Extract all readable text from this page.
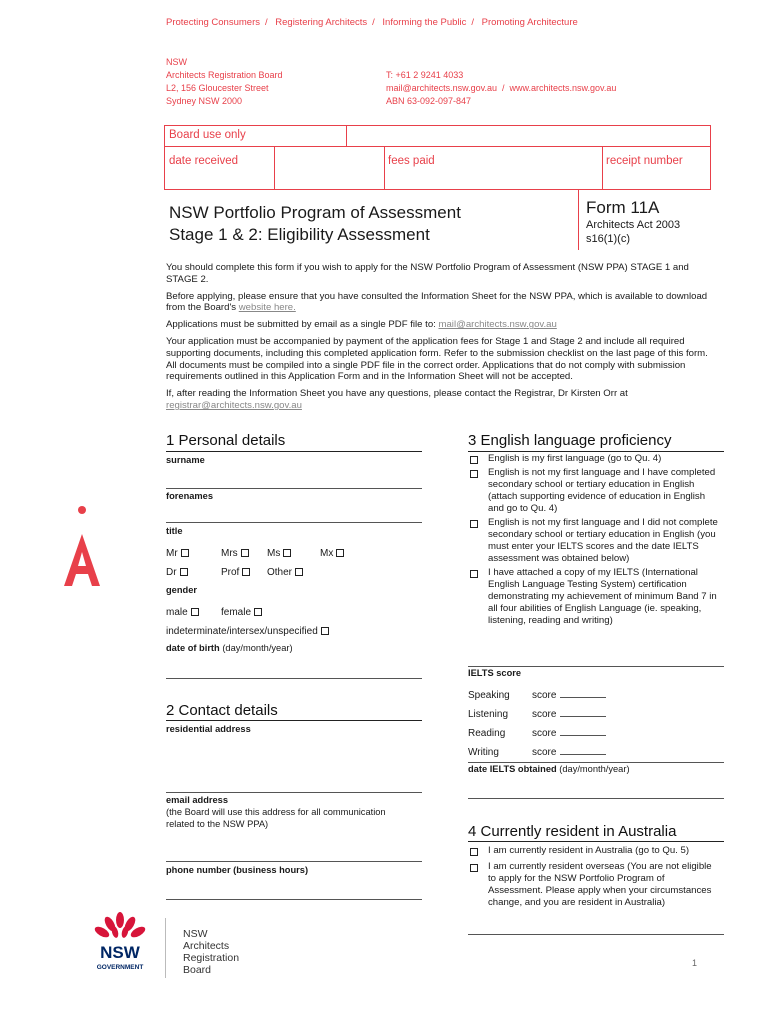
Protecting Consumers / Registering Architects / Informing the Public / Promoting Architecture
NSW
Architects Registration Board
L2, 156 Gloucester Street
Sydney NSW 2000
T: +61 2 9241 4033
mail@architects.nsw.gov.au  /  www.architects.nsw.gov.au
ABN 63-092-097-847
Board use only
date received	fees paid	receipt number
NSW Portfolio Program of Assessment
Stage 1 & 2: Eligibility Assessment
Form 11A
Architects Act 2003
s16(1)(c)

You should complete this form if you wish to apply for the NSW Portfolio Program of Assessment (NSW PPA) STAGE 1 and STAGE 2.

Before applying, please ensure that you have consulted the Information Sheet for the NSW PPA, which is available to download from the Board's website here.

Applications must be submitted by email as a single PDF file to: mail@architects.nsw.gov.au

Your application must be accompanied by payment of the application fees for Stage 1 and Stage 2 and include all required supporting documents, including this completed application form. Refer to the submission checklist on the last page of this form. All documents must be compiled into a single PDF file in the correct order. Applications that do not comply with submission requirements outlined in this Application Form and in the Information Sheet will not be accepted.

If, after reading the Information Sheet you have any questions, please contact the Registrar, Dr Kirsten Orr at registrar@architects.nsw.gov.au

1 Personal details
surname
forenames
title
Mr	Mrs	Ms	Mx
Dr	Prof	Other
gender
male	female
indeterminate/intersex/unspecified
date of birth (day/month/year)
2 Contact details
residential address
email address
(the Board will use this address for all communication related to the NSW PPA)
phone number (business hours)
3 English language proficiency
English is my first language (go to Qu. 4)
English is not my first language and I have completed secondary school or tertiary education in English (attach supporting evidence of education in English and go to Qu. 4)
English is not my first language and I did not complete secondary school or tertiary education in English (you must enter your IELTS scores and the date IELTS assessment was obtained below)
I have attached a copy of my IELTS (International English Language Testing System) certification demonstrating my achievement of minimum Band 7 in all four abilities of English Language (ie. speaking, listening, reading and writing)
IELTS score
Speaking score
Listening score
Reading	score
Writing	score
date IELTS obtained (day/month/year)
4 Currently resident in Australia
I am currently resident in Australia (go to Qu. 5)
I am currently resident overseas (You are not eligible to apply for the NSW Portfolio Program of Assessment. Please apply when your circumstances change, and you are resident in Australia)
NSW
GOVERNMENT
NSW
Architects
Registration
Board
1
